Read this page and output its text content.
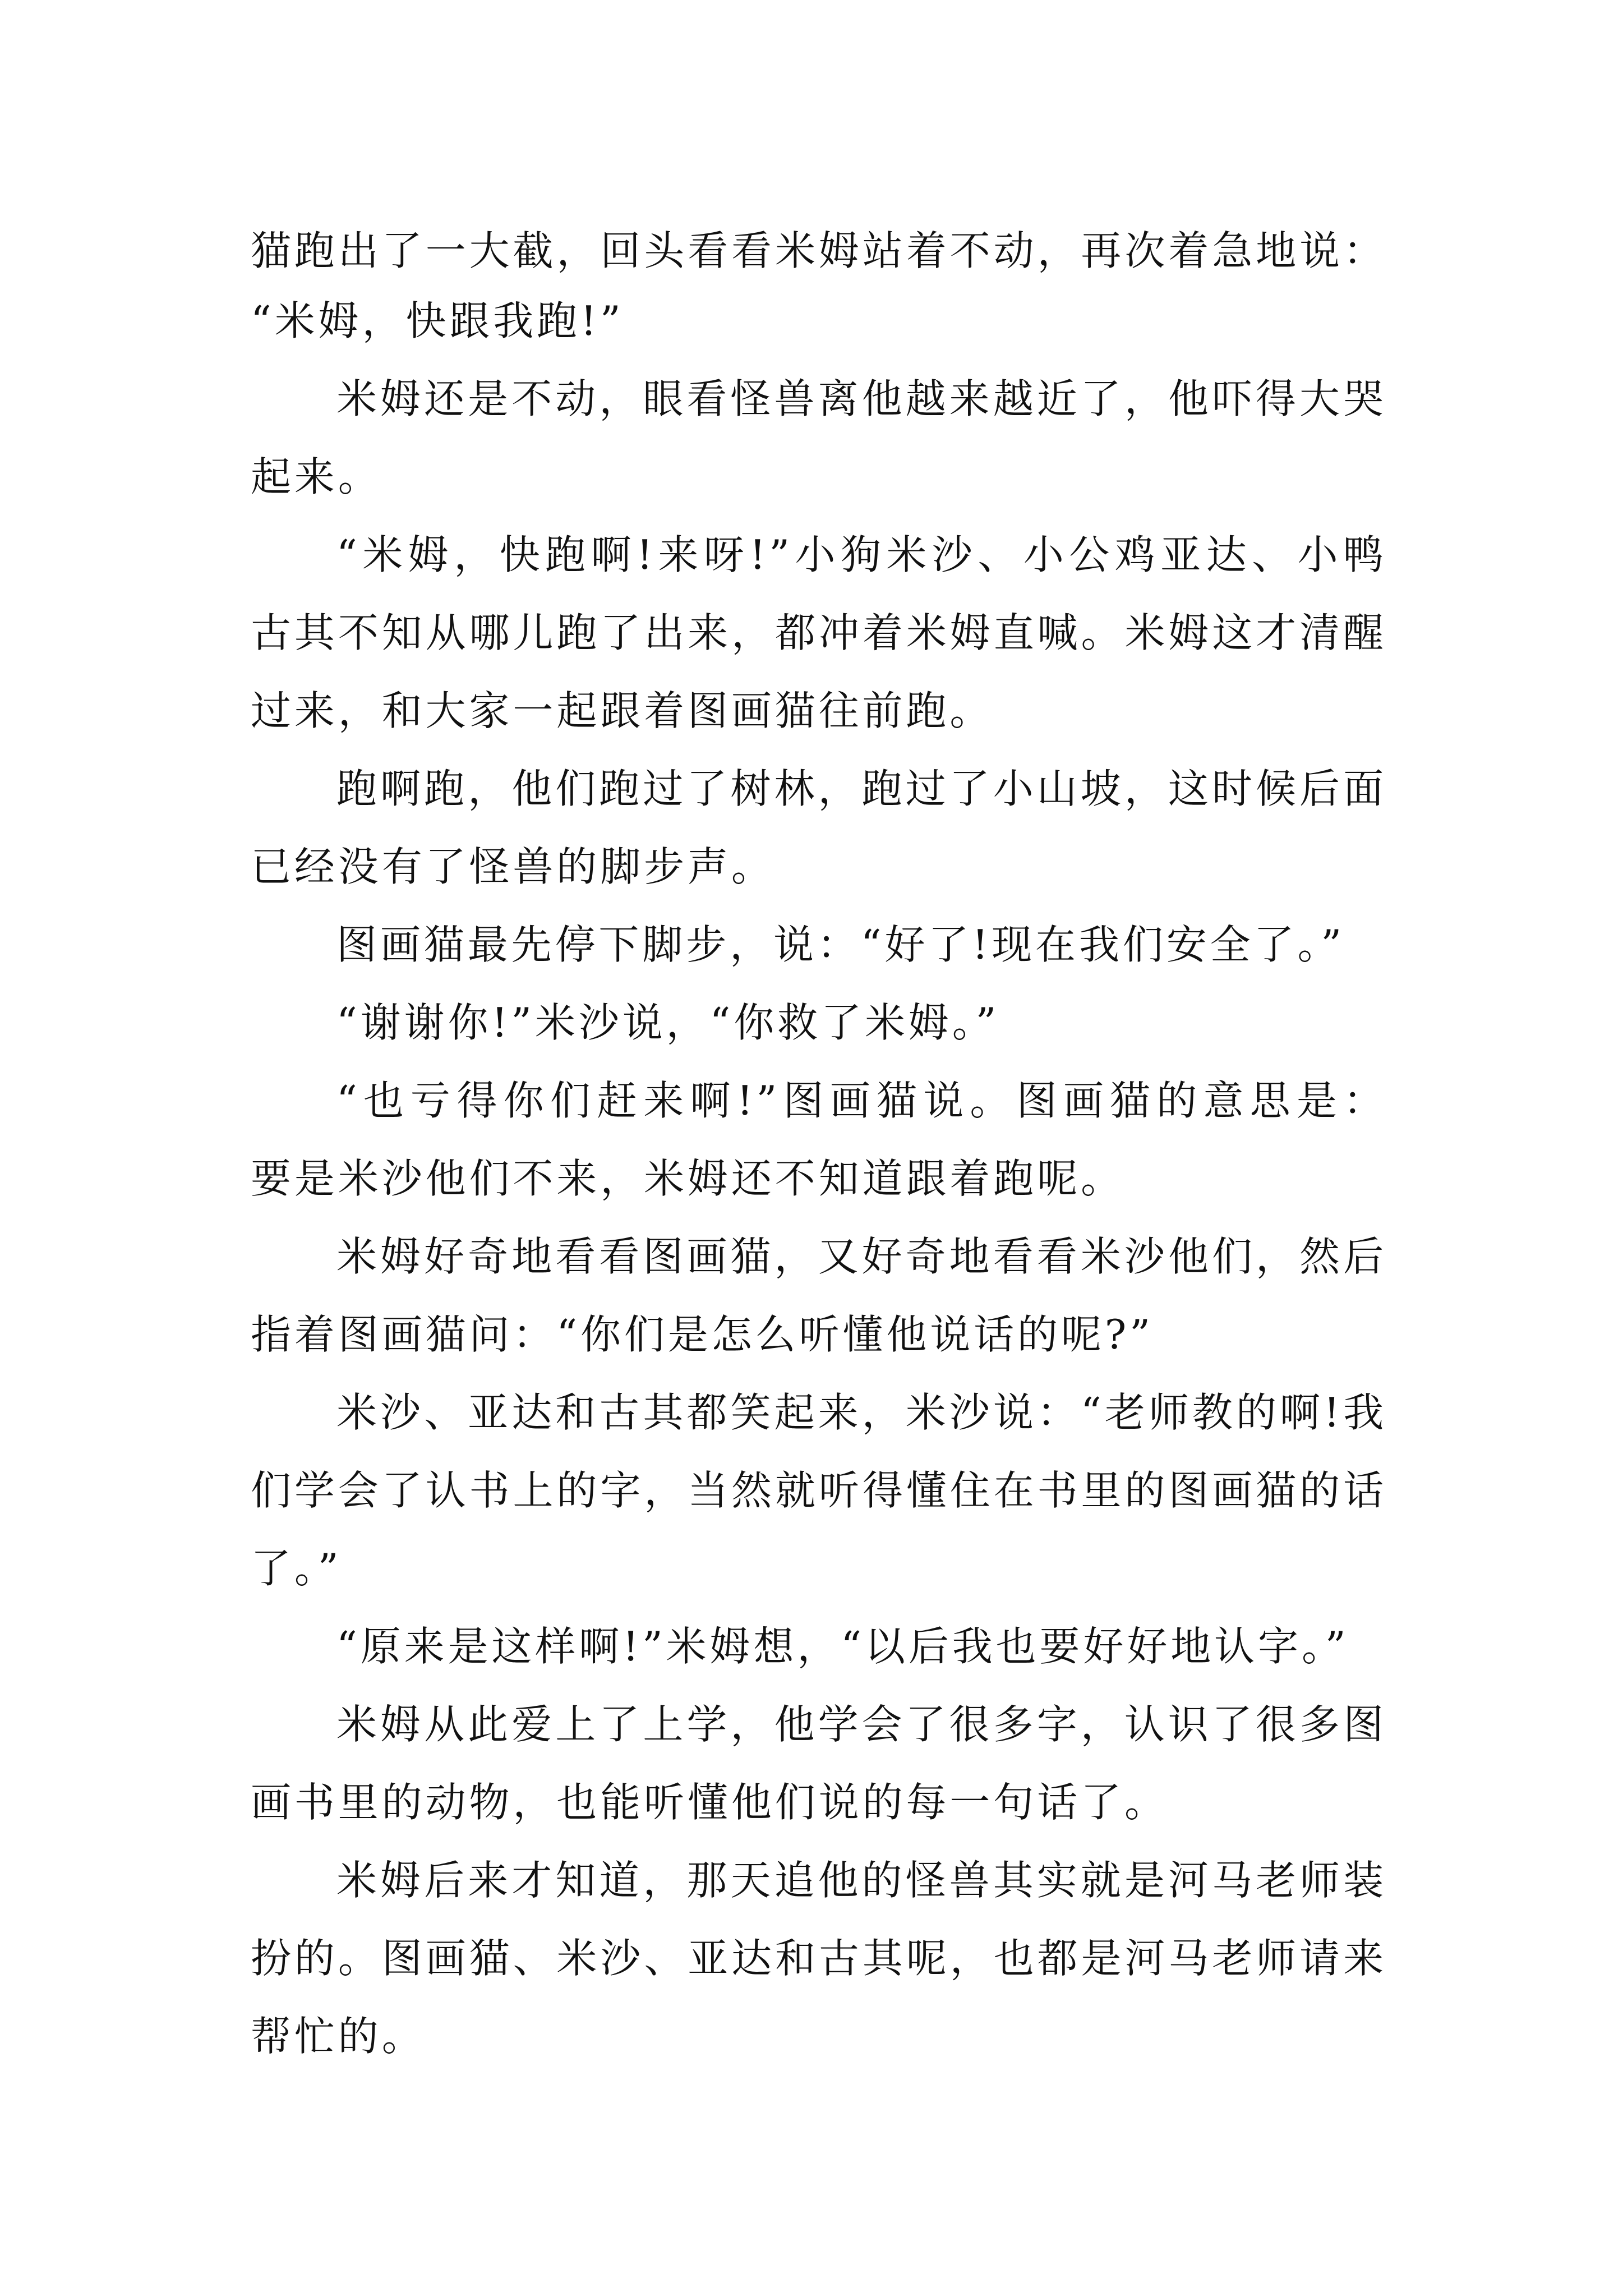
猫跑出了一大截，回头看看米姆站着不动，再次着急地说：
“米姆，快跟我跑!”
米姆还是不动，眼看怪兽离他越来越近了，他吓得大哭
起来。
“米姆，快跑啊!来呀!”小狗米沙、小公鸡亚达、小鸭
古其不知从哪儿跑了出来，都冲着米姆直喊。米姆这才清醒
过来，和大家一起跟着图画猫往前跑。
跑啊跑，他们跑过了树林，跑过了小山坡，这时候后面
已经没有了怪兽的脚步声。
图画猫最先停下脚步，说：“好了!现在我们安全了。”
“谢谢你!”米沙说，“你救了米姆。”
“也亏得你们赶来啊!”图画猫说。图画猫的意思是：
要是米沙他们不来，米姆还不知道跟着跑呢。
米姆好奇地看看图画猫，又好奇地看看米沙他们，然后
指着图画猫问：“你们是怎么听懂他说话的呢?”
米沙、亚达和古其都笑起来，米沙说：“老师教的啊!我
们学会了认书上的字，当然就听得懂住在书里的图画猫的话
了。”
“原来是这样啊!”米姆想，“以后我也要好好地认字。”
米姆从此爱上了上学，他学会了很多字，认识了很多图
画书里的动物，也能听懂他们说的每一句话了。
米姆后来才知道，那天追他的怪兽其实就是河马老师装
扮的。图画猫、米沙、亚达和古其呢，也都是河马老师请来
帮忙的。
